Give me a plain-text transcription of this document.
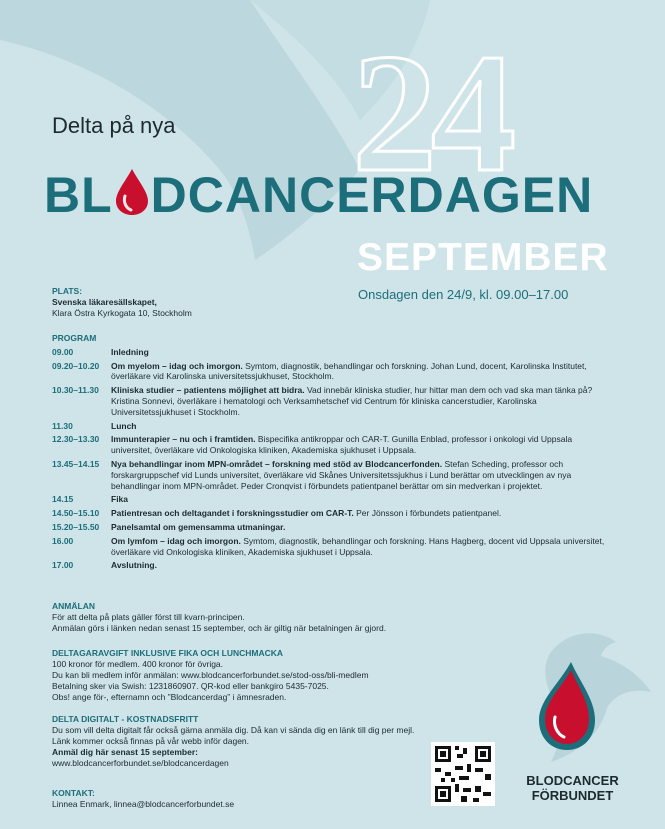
24
Delta på nya
BL DCANCERDAGEN
SEPTEMBER
Onsdagen den 24/9, kl. 09.00–17.00
PLATS:
Svenska läkaresällskapet,
Klara Östra Kyrkogata 10, Stockholm
PROGRAM
09.00	Inledning
09.20–10.20	Om myelom – idag och imorgon. Symtom, diagnostik, behandlingar och forskning. Johan Lund, docent, Karolinska Institutet, överläkare vid Karolinska universitetssjukhuset, Stockholm.
10.30–11.30	Kliniska studier – patientens möjlighet att bidra. Vad innebär kliniska studier, hur hittar man dem och vad ska man tänka på? Kristina Sonnevi, överläkare i hematologi och Verksamhetschef vid Centrum för kliniska cancerstudier, Karolinska Universitetssjukhuset i Stockholm.
11.30	Lunch
12.30–13.30	Immunterapier – nu och i framtiden. Bispecifika antikroppar och CAR-T. Gunilla Enblad, professor i onkologi vid Uppsala universitet, överläkare vid Onkologiska kliniken, Akademiska sjukhuset i Uppsala.
13.45–14.15	Nya behandlingar inom MPN-området – forskning med stöd av Blodcancerfonden. Stefan Scheding, professor och forskargruppschef vid Lunds universitet, överläkare vid Skånes Universitetssjukhus i Lund berättar om utvecklingen av nya behandlingar inom MPN-området. Peder Cronqvist i förbundets patientpanel berättar om sin medverkan i projektet.
14.15	Fika
14.50–15.10	Patientresan och deltagandet i forskningsstudier om CAR-T. Per Jönsson i förbundets patientpanel.
15.20–15.50	Panelsamtal om gemensamma utmaningar.
16.00	Om lymfom – idag och imorgon. Symtom, diagnostik, behandlingar och forskning. Hans Hagberg, docent vid Uppsala universitet, överläkare vid Onkologiska kliniken, Akademiska sjukhuset i Uppsala.
17.00	Avslutning.
ANMÄLAN
För att delta på plats gäller först till kvarn-principen.
Anmälan görs i länken nedan senast 15 september, och är giltig när betalningen är gjord.
DELTAGARAVGIFT INKLUSIVE FIKA OCH LUNCHMACKA
100 kronor för medlem. 400 kronor för övriga.
Du kan bli medlem inför anmälan: www.blodcancerforbundet.se/stod-oss/bli-medlem
Betalning sker via Swish: 1231860907. QR-kod eller bankgiro 5435-7025.
Obs! ange för-, efternamn och ”Blodcancerdag” i ämnesraden.
DELTA DIGITALT - KOSTNADSFRITT
Du som vill delta digitalt får också gärna anmäla dig. Då kan vi sända dig en länk till dig per mejl.
Länk kommer också finnas på vår webb inför dagen.
Anmäl dig här senast 15 september:
www.blodcancerforbundet.se/blodcancerdagen
KONTAKT:
Linnea Enmark, linnea@blodcancerforbundet.se
BLODCANCER
FÖRBUNDET
